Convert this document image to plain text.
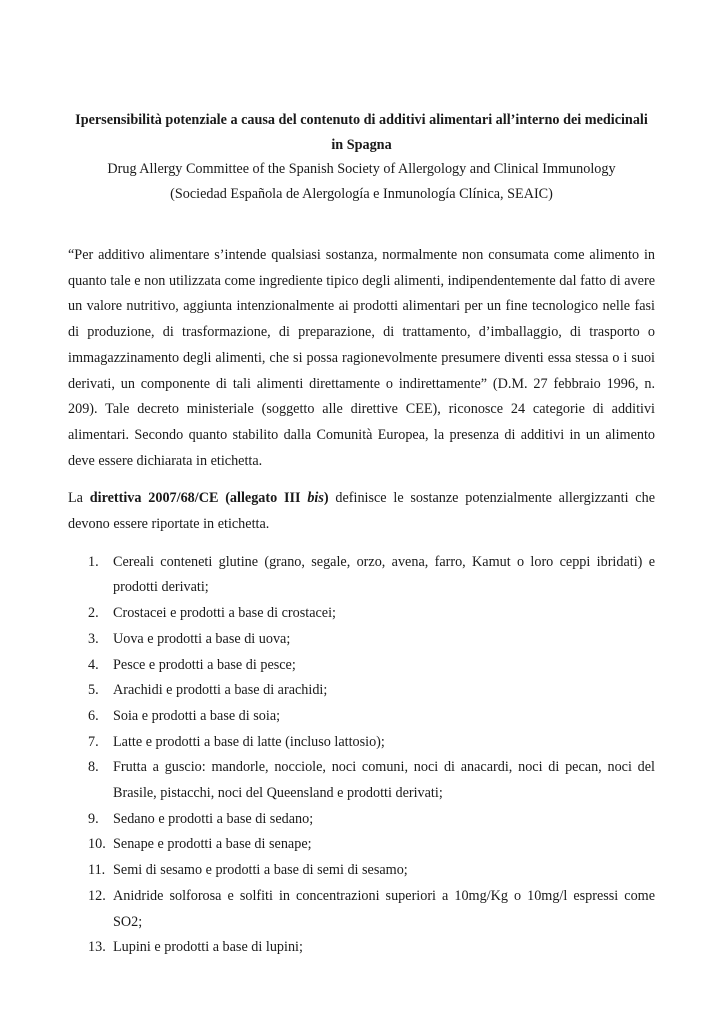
Ipersensibilità potenziale a causa del contenuto di additivi alimentari all’interno dei medicinali in Spagna
Drug Allergy Committee of the Spanish Society of Allergology and Clinical Immunology
(Sociedad Española de Alergología e Inmunología Clínica, SEAIC)

“Per additivo alimentare s’intende qualsiasi sostanza, normalmente non consumata come alimento in quanto tale e non utilizzata come ingrediente tipico degli alimenti, indipendentemente dal fatto di avere un valore nutritivo, aggiunta intenzionalmente ai prodotti alimentari per un fine tecnologico nelle fasi di produzione, di trasformazione, di preparazione, di trattamento, d’imballaggio, di trasporto o immagazzinamento degli alimenti, che si possa ragionevolmente presumere diventi essa stessa o i suoi derivati, un componente di tali alimenti direttamente o indirettamente” (D.M. 27 febbraio 1996, n. 209). Tale decreto ministeriale (soggetto alle direttive CEE), riconosce 24 categorie di additivi alimentari. Secondo quanto stabilito dalla Comunità Europea, la presenza di additivi in un alimento deve essere dichiarata in etichetta.

La direttiva 2007/68/CE (allegato III bis) definisce le sostanze potenzialmente allergizzanti che devono essere riportate in etichetta.

1. Cereali conteneti glutine (grano, segale, orzo, avena, farro, Kamut o loro ceppi ibridati) e prodotti derivati;
2. Crostacei e prodotti a base di crostacei;
3. Uova e prodotti a base di uova;
4. Pesce e prodotti a base di pesce;
5. Arachidi e prodotti a base di arachidi;
6. Soia e prodotti a base di soia;
7. Latte e prodotti a base di latte (incluso lattosio);
8. Frutta a guscio: mandorle, nocciole, noci comuni, noci di anacardi, noci di pecan, noci del Brasile, pistacchi, noci del Queensland e prodotti derivati;
9. Sedano e prodotti a base di sedano;
10. Senape e prodotti a base di senape;
11. Semi di sesamo e prodotti a base di semi di sesamo;
12. Anidride solforosa e solfiti in concentrazioni superiori a 10mg/Kg o 10mg/l espressi come SO2;
13. Lupini e prodotti a base di lupini;
